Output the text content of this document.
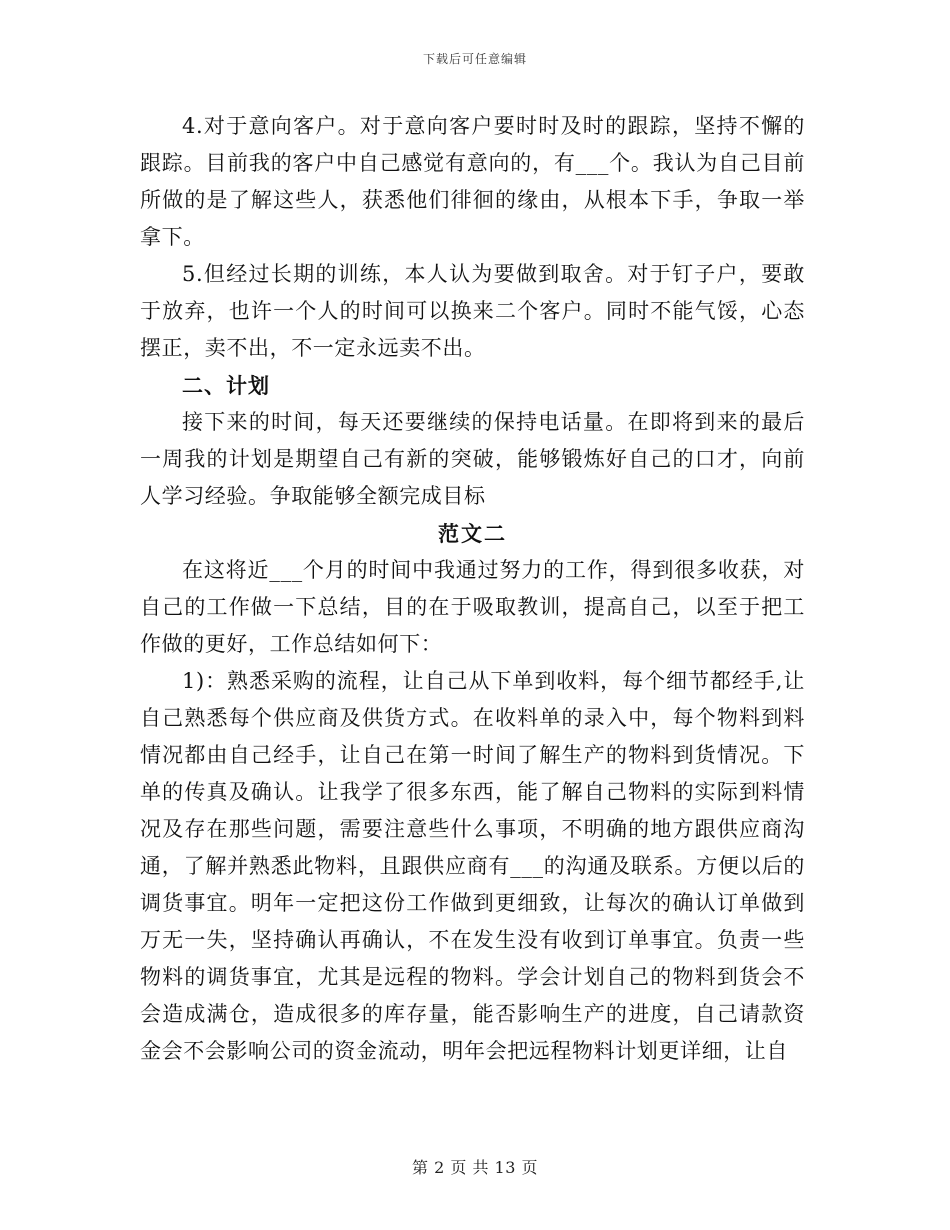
下载后可任意编辑

4.对于意向客户。对于意向客户要时时及时的跟踪，坚持不懈的跟踪。目前我的客户中自己感觉有意向的，有___个。我认为自己目前所做的是了解这些人，获悉他们徘徊的缘由，从根本下手，争取一举拿下。

5.但经过长期的训练，本人认为要做到取舍。对于钉子户，要敢于放弃，也许一个人的时间可以换来二个客户。同时不能气馁，心态摆正，卖不出，不一定永远卖不出。

二、计划

接下来的时间，每天还要继续的保持电话量。在即将到来的最后一周我的计划是期望自己有新的突破，能够锻炼好自己的口才，向前人学习经验。争取能够全额完成目标

范文二

在这将近___个月的时间中我通过努力的工作，得到很多收获，对自己的工作做一下总结，目的在于吸取教训，提高自己，以至于把工作做的更好，工作总结如何下：

1)：熟悉采购的流程，让自己从下单到收料，每个细节都经手,让自己熟悉每个供应商及供货方式。在收料单的录入中，每个物料到料情况都由自己经手，让自己在第一时间了解生产的物料到货情况。下单的传真及确认。让我学了很多东西，能了解自己物料的实际到料情况及存在那些问题，需要注意些什么事项，不明确的地方跟供应商沟通，了解并熟悉此物料，且跟供应商有___的沟通及联系。方便以后的调货事宜。明年一定把这份工作做到更细致，让每次的确认订单做到万无一失，坚持确认再确认，不在发生没有收到订单事宜。负责一些物料的调货事宜，尤其是远程的物料。学会计划自己的物料到货会不会造成满仓，造成很多的库存量，能否影响生产的进度，自己请款资金会不会影响公司的资金流动，明年会把远程物料计划更详细，让自

第 2 页 共 13 页
